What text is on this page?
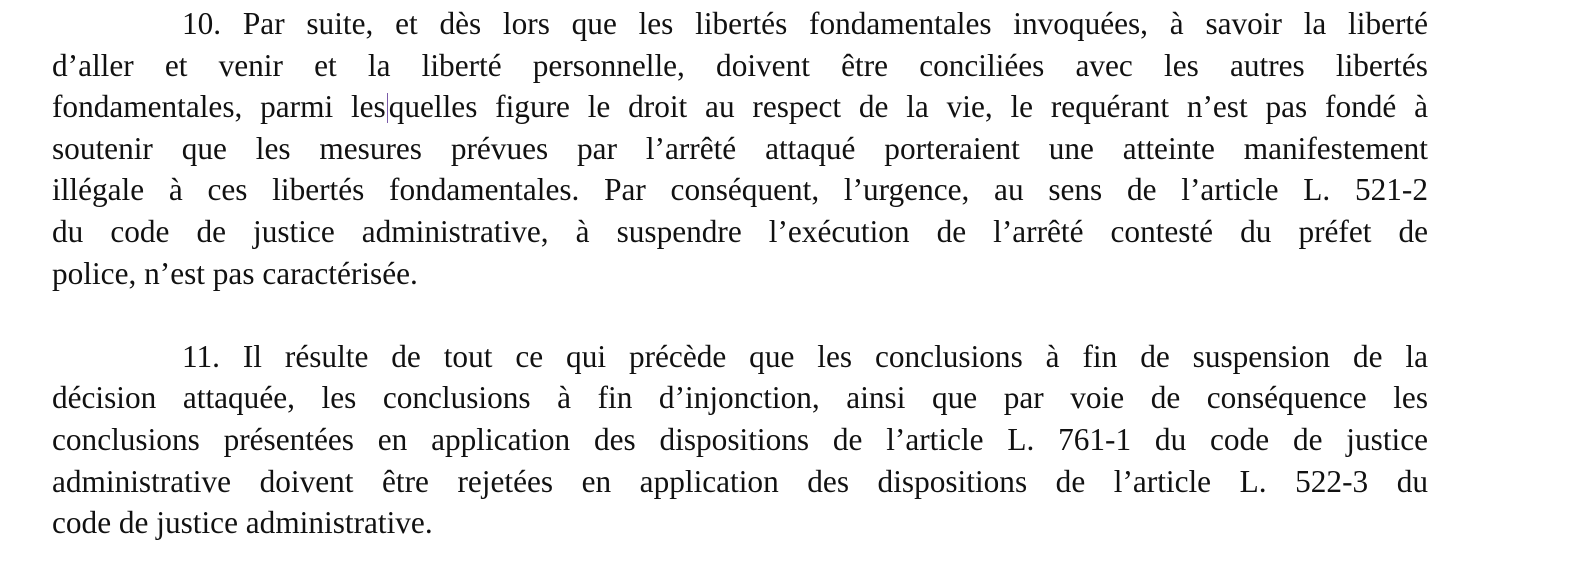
10. Par suite, et dès lors que les libertés fondamentales invoquées, à savoir la liberté
d’aller et venir et la liberté personnelle, doivent être conciliées avec les autres libertés
fondamentales, parmi lesquelles figure le droit au respect de la vie, le requérant n’est pas fondé à
soutenir que les mesures prévues par l’arrêté attaqué porteraient une atteinte manifestement
illégale à ces libertés fondamentales. Par conséquent, l’urgence, au sens de l’article L. 521-2
du code de justice administrative, à suspendre l’exécution de l’arrêté contesté du préfet de
police, n’est pas caractérisée.
11. Il résulte de tout ce qui précède que les conclusions à fin de suspension de la
décision attaquée, les conclusions à fin d’injonction, ainsi que par voie de conséquence les
conclusions présentées en application des dispositions de l’article L. 761-1 du code de justice
administrative doivent être rejetées en application des dispositions de l’article L. 522-3 du
code de justice administrative.
